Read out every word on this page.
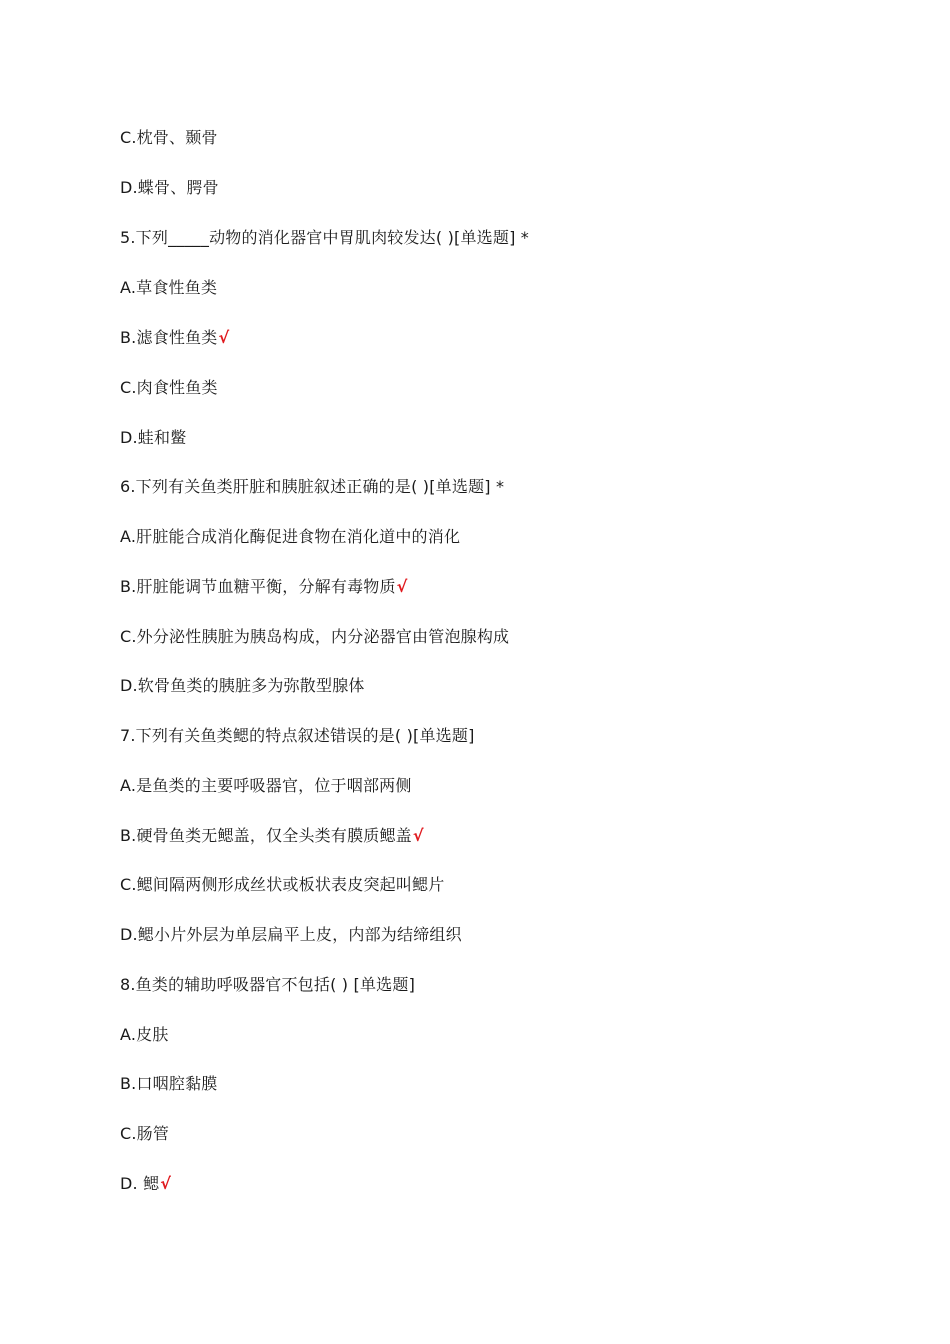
C.枕骨、颞骨
D.蝶骨、腭骨
5.下列_____动物的消化器官中胃肌肉较发达( )[单选题] *
A.草食性鱼类
B.滤食性鱼类√
C.肉食性鱼类
D.蛙和鳖
6.下列有关鱼类肝脏和胰脏叙述正确的是( )[单选题] *
A.肝脏能合成消化酶促进食物在消化道中的消化
B.肝脏能调节血糖平衡，分解有毒物质√
C.外分泌性胰脏为胰岛构成，内分泌器官由管泡腺构成
D.软骨鱼类的胰脏多为弥散型腺体
7.下列有关鱼类鳃的特点叙述错误的是( )[单选题]
A.是鱼类的主要呼吸器官，位于咽部两侧
B.硬骨鱼类无鳃盖，仅全头类有膜质鳃盖√
C.鳃间隔两侧形成丝状或板状表皮突起叫鳃片
D.鳃小片外层为单层扁平上皮，内部为结缔组织
8.鱼类的辅助呼吸器官不包括( ) [单选题]
A.皮肤
B.口咽腔黏膜
C.肠管
D. 鳃√
